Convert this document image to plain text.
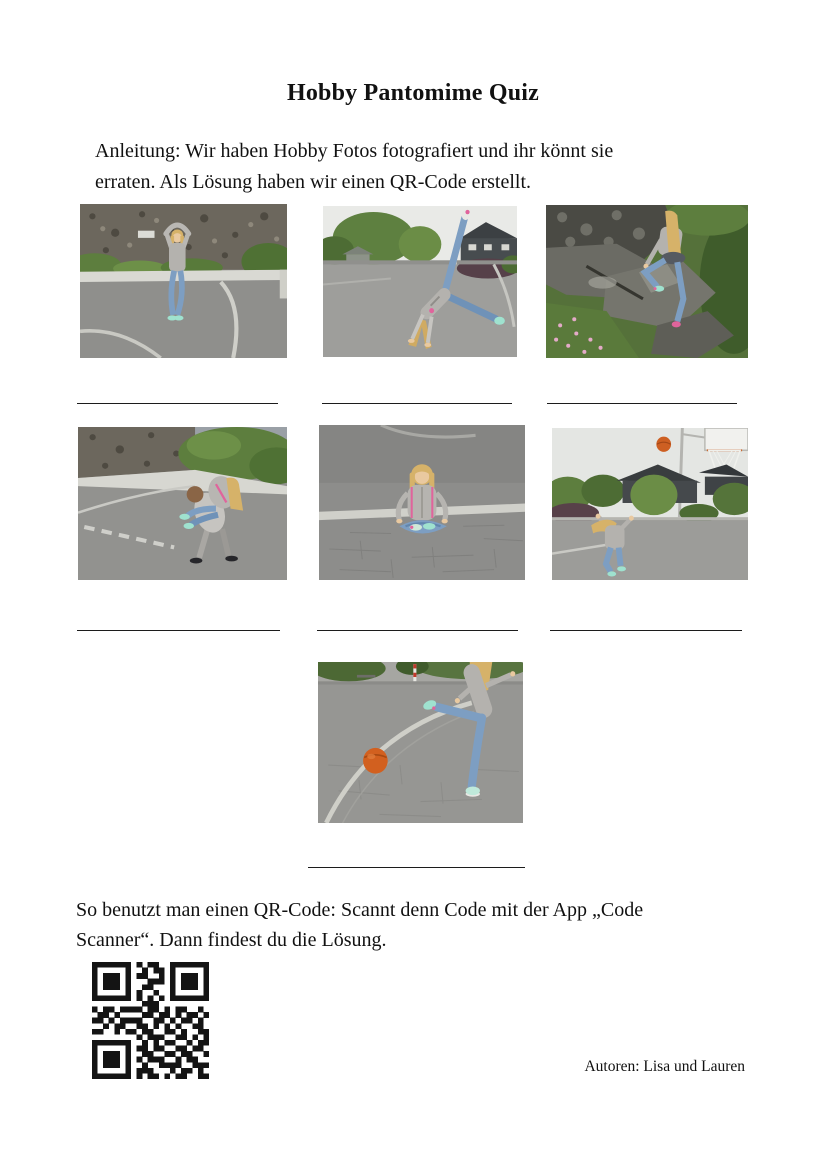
Hobby Pantomime Quiz
Anleitung: Wir haben Hobby Fotos fotografiert und ihr könnt sie
erraten. Als Lösung haben wir einen QR-Code erstellt.
So benutzt man einen QR-Code: Scannt denn Code mit der App „Code
Scanner“. Dann findest du die Lösung.
Autoren: Lisa und Lauren
